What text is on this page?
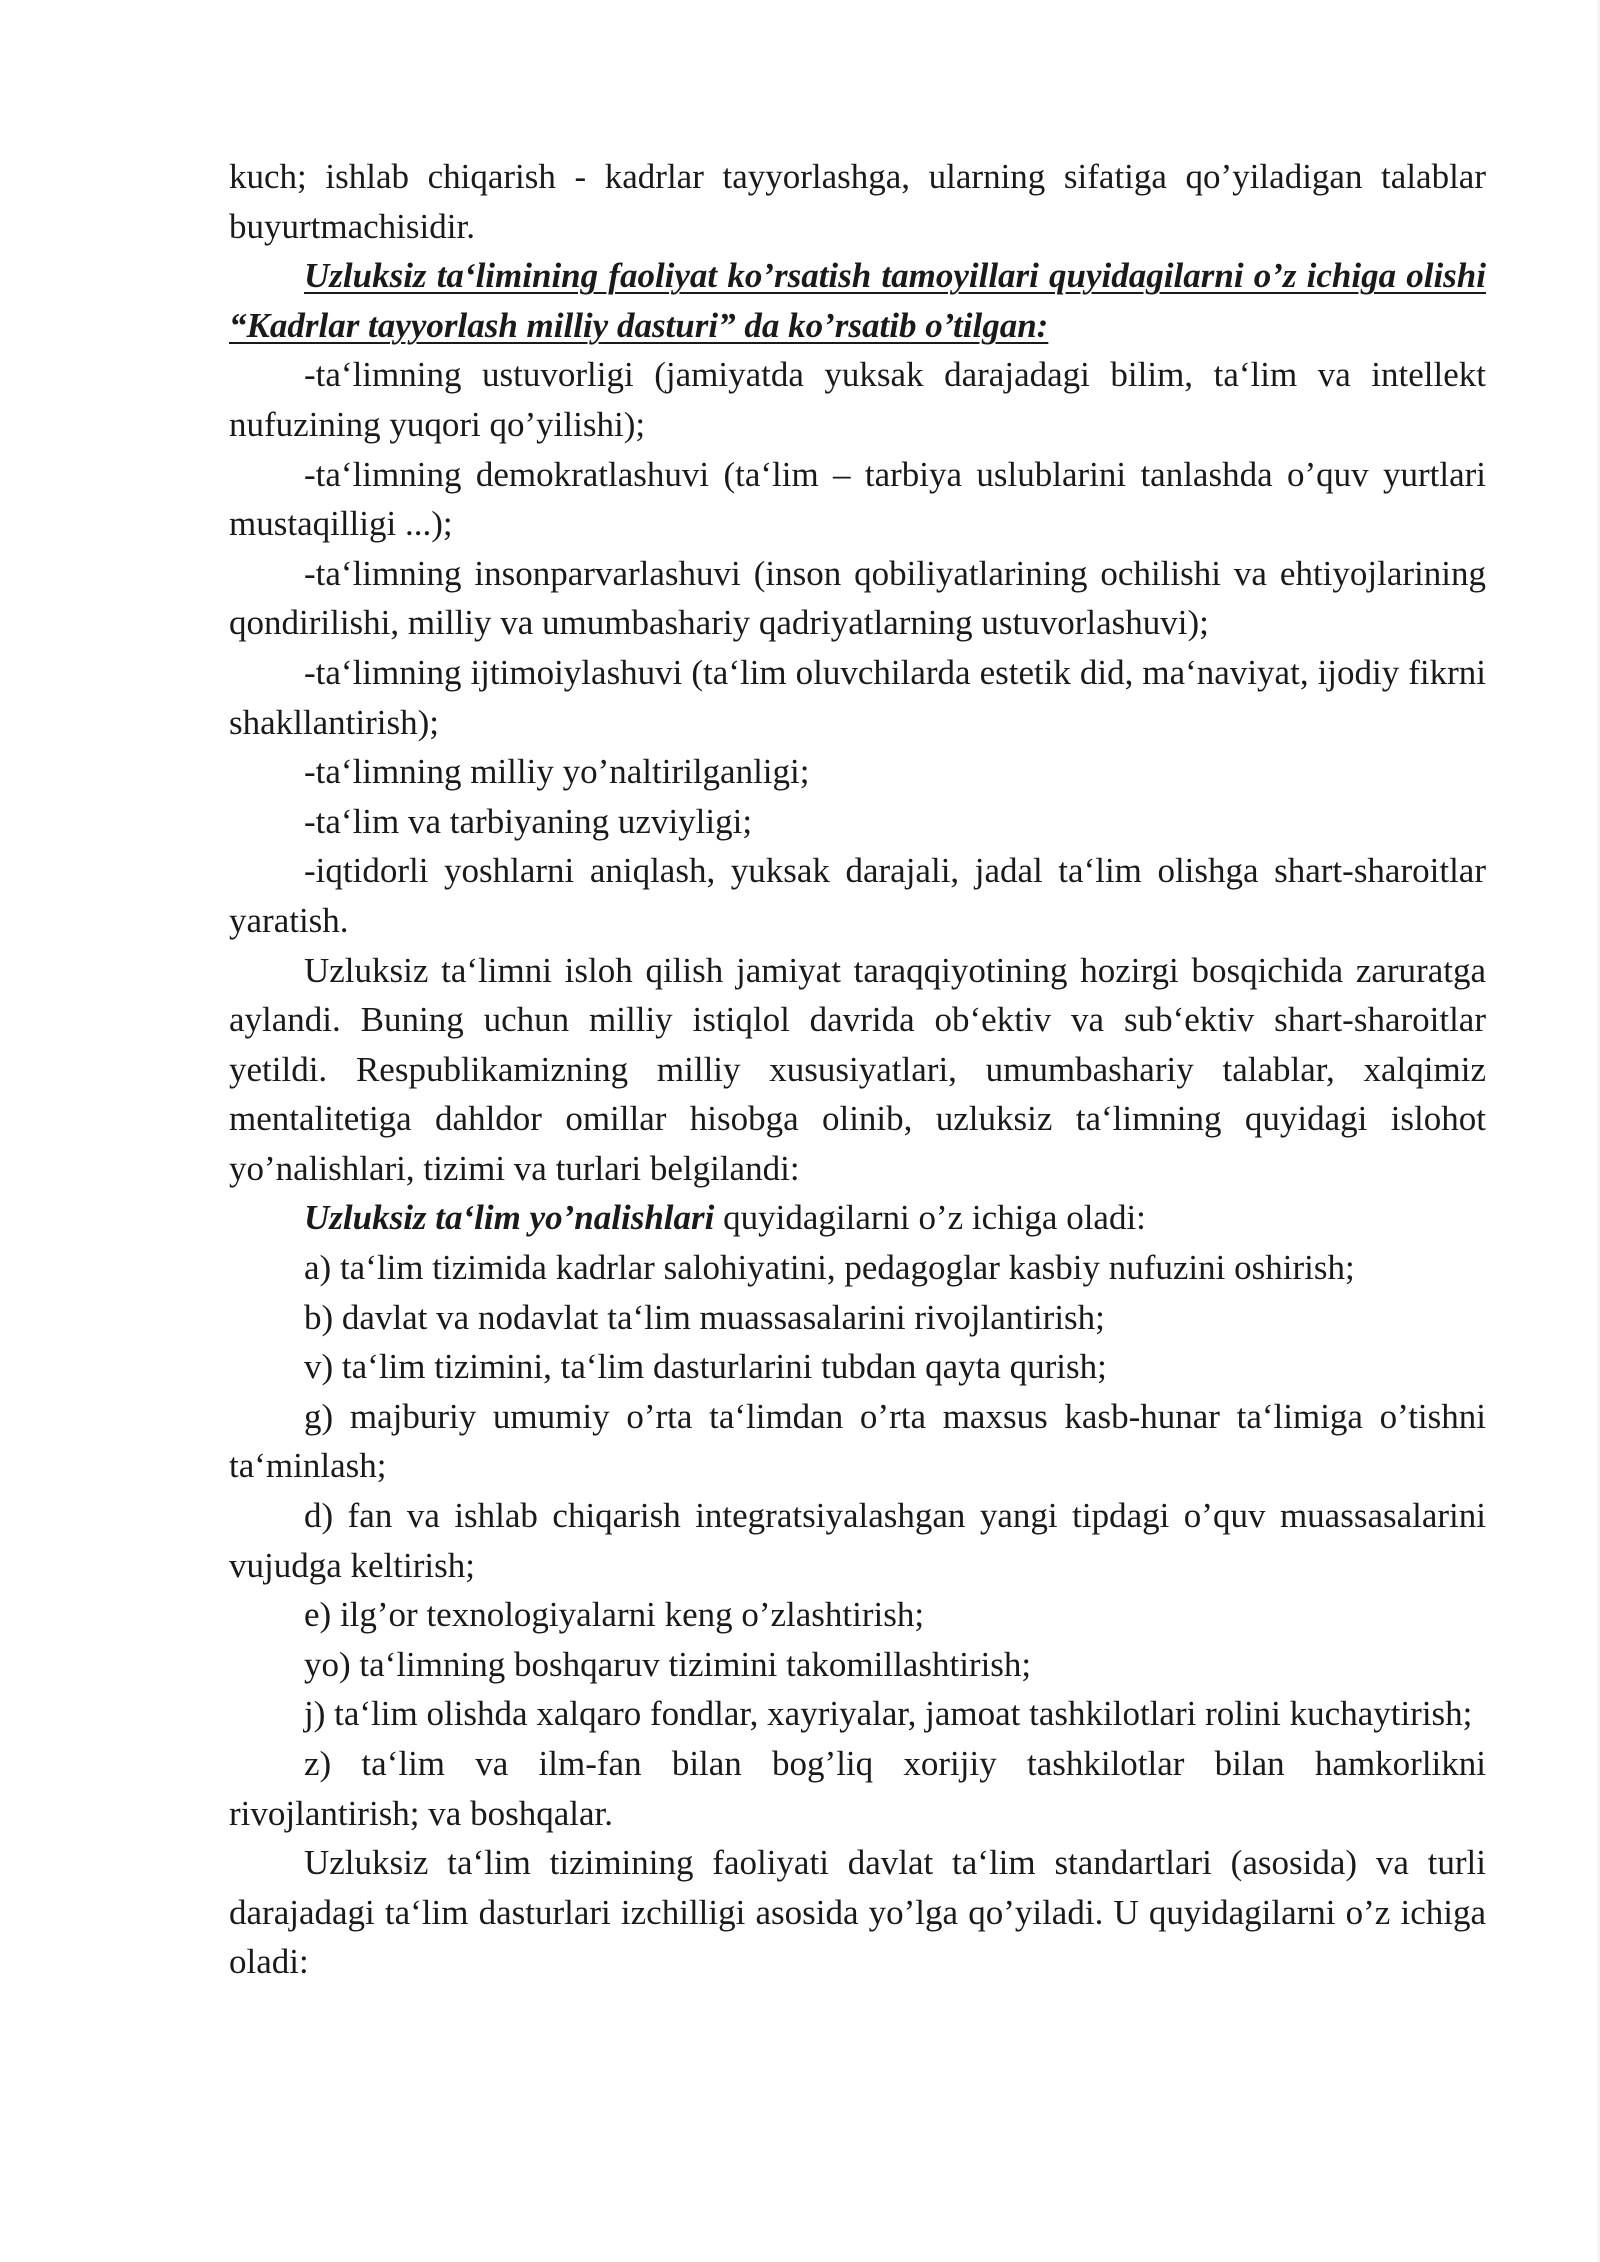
kuch; ishlab chiqarish - kadrlar tayyorlashga, ularning sifatiga qo’yiladigan talablar buyurtmachisidir.

Uzluksiz ta‘limining faoliyat ko’rsatish tamoyillari quyidagilarni o’z ichiga olishi “Kadrlar tayyorlash milliy dasturi” da ko’rsatib o’tilgan:

-ta‘limning ustuvorligi (jamiyatda yuksak darajadagi bilim, ta‘lim va intellekt nufuzining yuqori qo’yilishi);

-ta‘limning demokratlashuvi (ta‘lim – tarbiya uslublarini tanlashda o’quv yurtlari mustaqilligi ...);

-ta‘limning insonparvarlashuvi (inson qobiliyatlarining ochilishi va ehtiyojlarining qondirilishi, milliy va umumbashariy qadriyatlarning ustuvorlashuvi);

-ta‘limning ijtimoiylashuvi (ta‘lim oluvchilarda estetik did, ma‘naviyat, ijodiy fikrni shakllantirish);

-ta‘limning milliy yo’naltirilganligi;

-ta‘lim va tarbiyaning uzviyligi;

-iqtidorli yoshlarni aniqlash, yuksak darajali, jadal ta‘lim olishga shart-sharoitlar yaratish.

Uzluksiz ta‘limni isloh qilish jamiyat taraqqiyotining hozirgi bosqichida zaruratga aylandi. Buning uchun milliy istiqlol davrida ob‘ektiv va sub‘ektiv shart-sharoitlar yetildi. Respublikamizning milliy xususiyatlari, umumbashariy talablar, xalqimiz mentalitetiga dahldor omillar hisobga olinib, uzluksiz ta‘limning quyidagi islohot yo’nalishlari, tizimi va turlari belgilandi:

Uzluksiz ta‘lim yo’nalishlari quyidagilarni o’z ichiga oladi:

a) ta‘lim tizimida kadrlar salohiyatini, pedagoglar kasbiy nufuzini oshirish;

b) davlat va nodavlat ta‘lim muassasalarini rivojlantirish;

v) ta‘lim tizimini, ta‘lim dasturlarini tubdan qayta qurish;

g) majburiy umumiy o’rta ta‘limdan o’rta maxsus kasb-hunar ta‘limiga o’tishni ta‘minlash;

d) fan va ishlab chiqarish integratsiyalashgan yangi tipdagi o’quv muassasalarini vujudga keltirish;

e) ilg’or texnologiyalarni keng o’zlashtirish;

yo) ta‘limning boshqaruv tizimini takomillashtirish;

j) ta‘lim olishda xalqaro fondlar, xayriyalar, jamoat tashkilotlari rolini kuchaytirish;

z) ta‘lim va ilm-fan bilan bog’liq xorijiy tashkilotlar bilan hamkorlikni rivojlantirish; va boshqalar.

Uzluksiz ta‘lim tizimining faoliyati davlat ta‘lim standartlari (asosida) va turli darajadagi ta‘lim dasturlari izchilligi asosida yo’lga qo’yiladi. U quyidagilarni o’z ichiga oladi:
